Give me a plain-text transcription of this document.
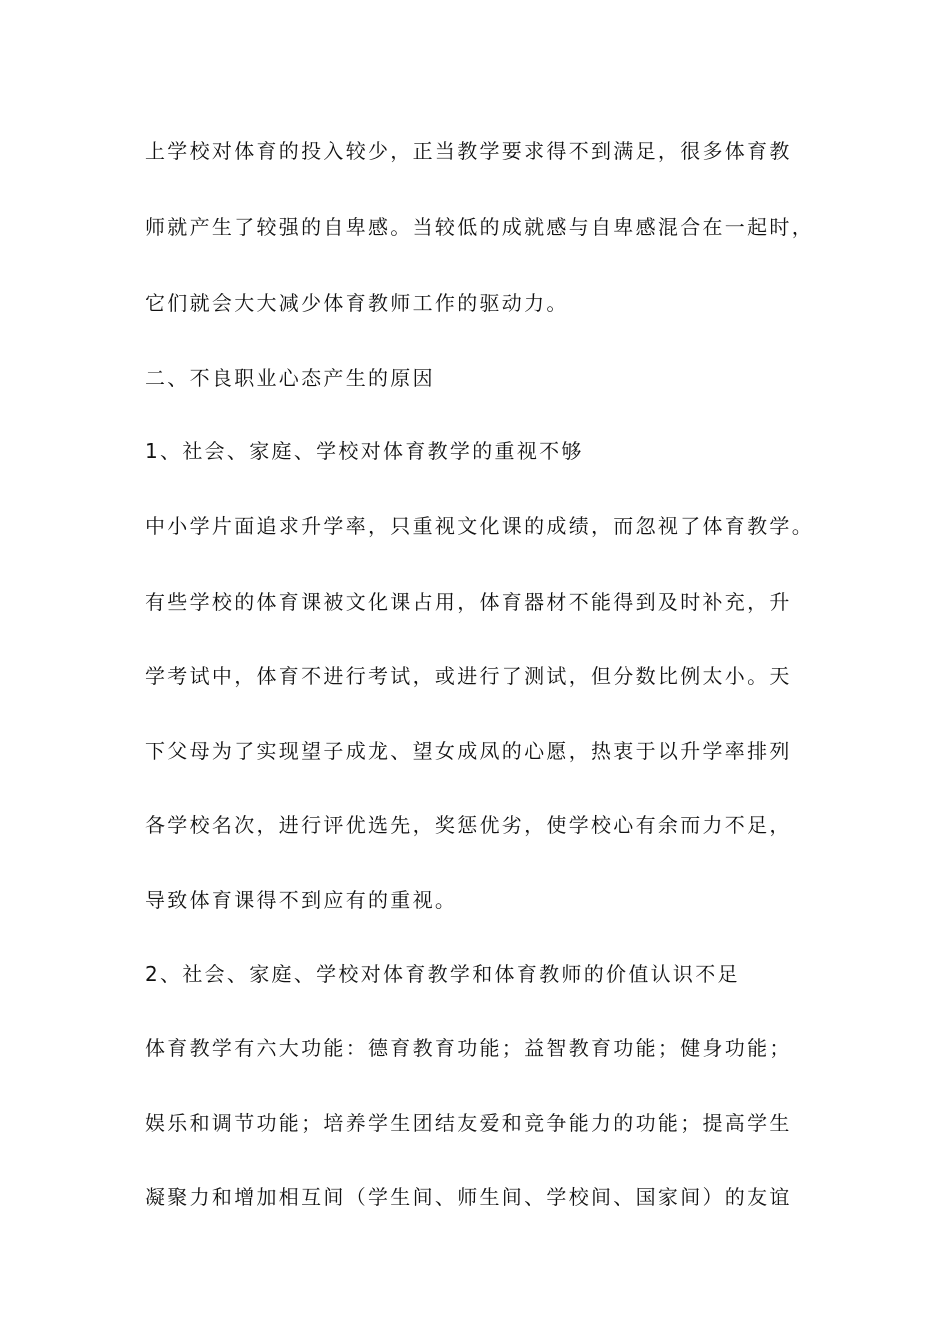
上学校对体育的投入较少，正当教学要求得不到满足，很多体育教
师就产生了较强的自卑感。当较低的成就感与自卑感混合在一起时，
它们就会大大减少体育教师工作的驱动力。
二、不良职业心态产生的原因
1、社会、家庭、学校对体育教学的重视不够
中小学片面追求升学率，只重视文化课的成绩，而忽视了体育教学。
有些学校的体育课被文化课占用，体育器材不能得到及时补充，升
学考试中，体育不进行考试，或进行了测试，但分数比例太小。天
下父母为了实现望子成龙、望女成凤的心愿，热衷于以升学率排列
各学校名次，进行评优选先，奖惩优劣，使学校心有余而力不足，
导致体育课得不到应有的重视。
2、社会、家庭、学校对体育教学和体育教师的价值认识不足
体育教学有六大功能：德育教育功能；益智教育功能；健身功能；
娱乐和调节功能；培养学生团结友爱和竞争能力的功能；提高学生
凝聚力和增加相互间（学生间、师生间、学校间、国家间）的友谊
